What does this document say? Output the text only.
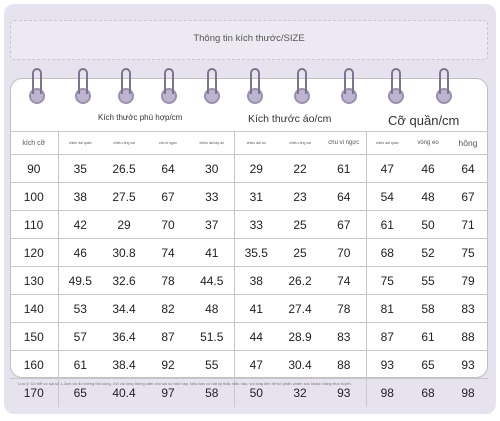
Thông tin kích thước/SIZE
Kích thước phù hợp/cm	Kích thước áo/cm	Cỡ quần/cm
kích cỡ	chiều dài quần	chiều rộng vai	chu vi ngực	chiều dài tay áo	chiều dài áo	chiều rộng vai	chu vi ngực	chiều dài quần	vòng eo	hông
90	35	26.5	64	30	29	22	61	47	46	64
100	38	27.5	67	33	31	23	64	54	48	67
110	42	29	70	37	33	25	67	61	50	71
120	46	30.8	74	41	35.5	25	70	68	52	75
130	49.5	32.6	78	44.5	38	26.2	74	75	55	79
140	53	34.4	82	48	41	27.4	78	81	58	83
150	57	36.4	87	51.5	44	28.9	83	87	61	88
160	61	38.4	92	55	47	30.4	88	93	65	93
170	65	40.4	97	58	50	32	93	98	68	98
Lưu ý: Có thể có sai số 1-3cm do đo lường thủ công. Xin vui lòng thông cảm cho sai số nhỏ này. Nếu bạn có bất kỳ thắc mắc nào, vui lòng liên hệ bộ phận chăm sóc khách hàng trực tuyến.
